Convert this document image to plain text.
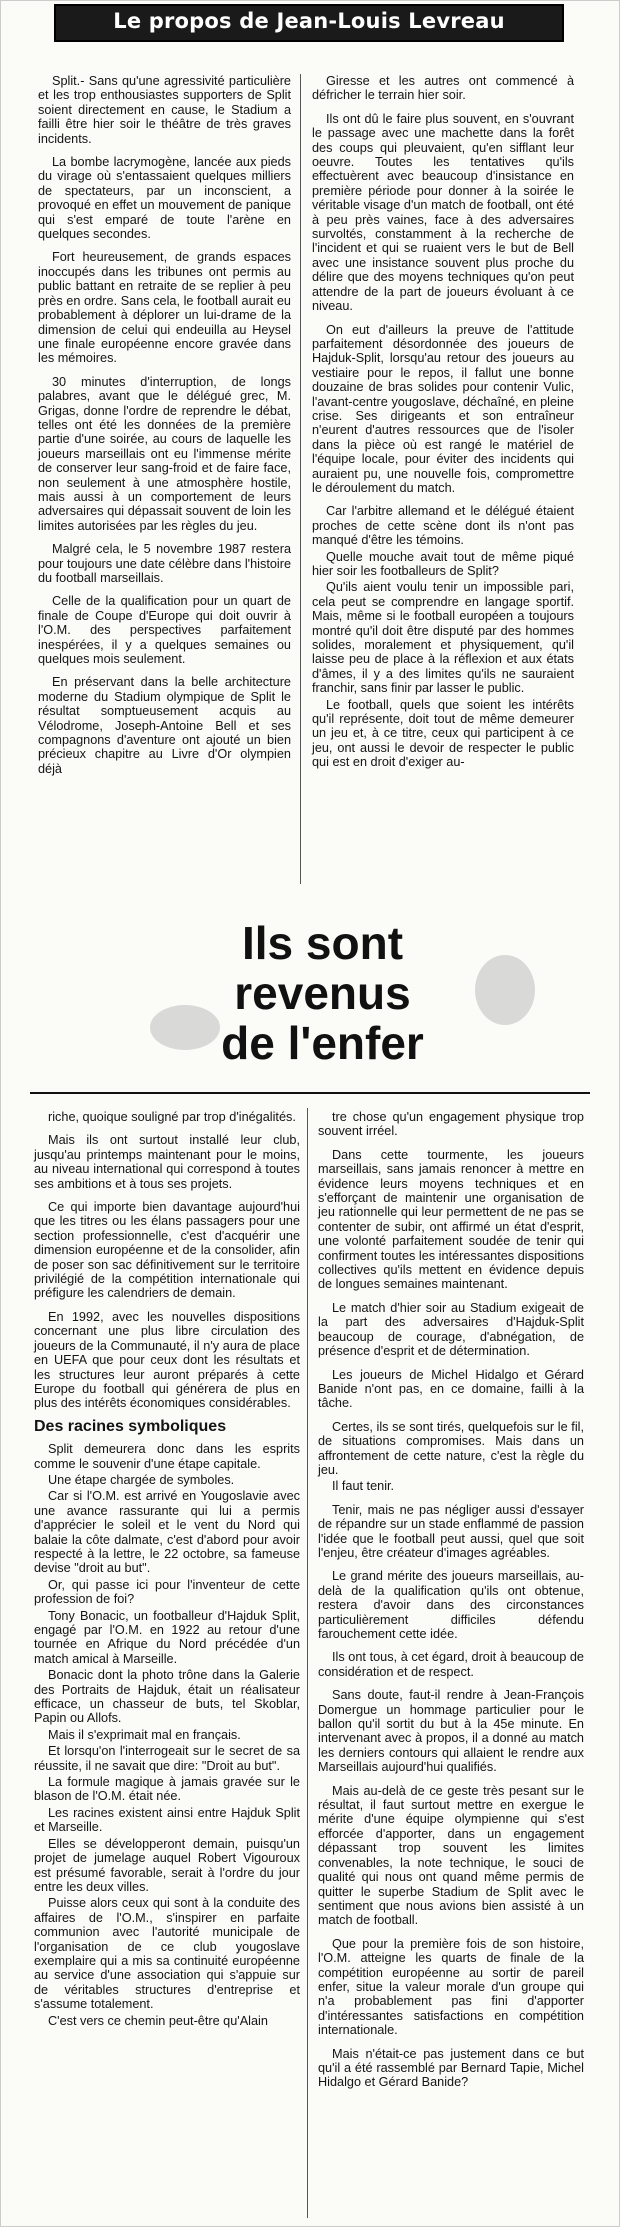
Le propos de Jean-Louis Levreau

Split.- Sans qu'une agressivité particulière et les trop enthousiastes supporters de Split soient directement en cause, le Stadium a failli être hier soir le théâtre de très graves incidents.

La bombe lacrymogène, lancée aux pieds du virage où s'entassaient quelques milliers de spectateurs, par un inconscient, a provoqué en effet un mouvement de panique qui s'est emparé de toute l'arène en quelques secondes.

Fort heureusement, de grands espaces inoccupés dans les tribunes ont permis au public battant en retraite de se replier à peu près en ordre. Sans cela, le football aurait eu probablement à déplorer un lui-drame de la dimension de celui qui endeuilla au Heysel une finale européenne encore gravée dans les mémoires.

30 minutes d'interruption, de longs palabres, avant que le délégué grec, M. Grigas, donne l'ordre de reprendre le débat, telles ont été les données de la première partie d'une soirée, au cours de laquelle les joueurs marseillais ont eu l'immense mérite de conserver leur sang-froid et de faire face, non seulement à une atmosphère hostile, mais aussi à un comportement de leurs adversaires qui dépassait souvent de loin les limites autorisées par les règles du jeu.

Malgré cela, le 5 novembre 1987 restera pour toujours une date célèbre dans l'histoire du football marseillais.

Celle de la qualification pour un quart de finale de Coupe d'Europe qui doit ouvrir à l'O.M. des perspectives parfaitement inespérées, il y a quelques semaines ou quelques mois seulement.

En préservant dans la belle architecture moderne du Stadium olympique de Split le résultat somptueusement acquis au Vélodrome, Joseph-Antoine Bell et ses compagnons d'aventure ont ajouté un bien précieux chapitre au Livre d'Or olympien déjà

Giresse et les autres ont commencé à défricher le terrain hier soir.

Ils ont dû le faire plus souvent, en s'ouvrant le passage avec une machette dans la forêt des coups qui pleuvaient, qu'en sifflant leur oeuvre. Toutes les tentatives qu'ils effectuèrent avec beaucoup d'insistance en première période pour donner à la soirée le véritable visage d'un match de football, ont été à peu près vaines, face à des adversaires survoltés, constamment à la recherche de l'incident et qui se ruaient vers le but de Bell avec une insistance souvent plus proche du délire que des moyens techniques qu'on peut attendre de la part de joueurs évoluant à ce niveau.

On eut d'ailleurs la preuve de l'attitude parfaitement désordonnée des joueurs de Hajduk-Split, lorsqu'au retour des joueurs au vestiaire pour le repos, il fallut une bonne douzaine de bras solides pour contenir Vulic, l'avant-centre yougoslave, déchaîné, en pleine crise. Ses dirigeants et son entraîneur n'eurent d'autres ressources que de l'isoler dans la pièce où est rangé le matériel de l'équipe locale, pour éviter des incidents qui auraient pu, une nouvelle fois, compromettre le déroulement du match.

Car l'arbitre allemand et le délégué étaient proches de cette scène dont ils n'ont pas manqué d'être les témoins.

Quelle mouche avait tout de même piqué hier soir les footballeurs de Split?

Qu'ils aient voulu tenir un impossible pari, cela peut se comprendre en langage sportif. Mais, même si le football européen a toujours montré qu'il doit être disputé par des hommes solides, moralement et physiquement, qu'il laisse peu de place à la réflexion et aux états d'âmes, il y a des limites qu'ils ne sauraient franchir, sans finir par lasser le public.

Le football, quels que soient les intérêts qu'il représente, doit tout de même demeurer un jeu et, à ce titre, ceux qui participent à ce jeu, ont aussi le devoir de respecter le public qui est en droit d'exiger au-

Ils sont
revenus
de l'enfer

riche, quoique souligné par trop d'inégalités.

Mais ils ont surtout installé leur club, jusqu'au printemps maintenant pour le moins, au niveau international qui correspond à toutes ses ambitions et à tous ses projets.

Ce qui importe bien davantage aujourd'hui que les titres ou les élans passagers pour une section professionnelle, c'est d'acquérir une dimension européenne et de la consolider, afin de poser son sac définitivement sur le territoire privilégié de la compétition internationale qui préfigure les calendriers de demain.

En 1992, avec les nouvelles dispositions concernant une plus libre circulation des joueurs de la Communauté, il n'y aura de place en UEFA que pour ceux dont les résultats et les structures leur auront préparés à cette Europe du football qui générera de plus en plus des intérêts économiques considérables.

Des racines symboliques

Split demeurera donc dans les esprits comme le souvenir d'une étape capitale.

Une étape chargée de symboles.

Car si l'O.M. est arrivé en Yougoslavie avec une avance rassurante qui lui a permis d'apprécier le soleil et le vent du Nord qui balaie la côte dalmate, c'est d'abord pour avoir respecté à la lettre, le 22 octobre, sa fameuse devise "droit au but".

Or, qui passe ici pour l'inventeur de cette profession de foi?

Tony Bonacic, un footballeur d'Hajduk Split, engagé par l'O.M. en 1922 au retour d'une tournée en Afrique du Nord précédée d'un match amical à Marseille.

Bonacic dont la photo trône dans la Galerie des Portraits de Hajduk, était un réalisateur efficace, un chasseur de buts, tel Skoblar, Papin ou Allofs.

Mais il s'exprimait mal en français.

Et lorsqu'on l'interrogeait sur le secret de sa réussite, il ne savait que dire: "Droit au but".

La formule magique à jamais gravée sur le blason de l'O.M. était née.

Les racines existent ainsi entre Hajduk Split et Marseille.

Elles se développeront demain, puisqu'un projet de jumelage auquel Robert Vigouroux est présumé favorable, serait à l'ordre du jour entre les deux villes.

Puisse alors ceux qui sont à la conduite des affaires de l'O.M., s'inspirer en parfaite communion avec l'autorité municipale de l'organisation de ce club yougoslave exemplaire qui a mis sa continuité européenne au service d'une association qui s'appuie sur de véritables structures d'entreprise et s'assume totalement.

C'est vers ce chemin peut-être qu'Alain

tre chose qu'un engagement physique trop souvent irréel.

Dans cette tourmente, les joueurs marseillais, sans jamais renoncer à mettre en évidence leurs moyens techniques et en s'efforçant de maintenir une organisation de jeu rationnelle qui leur permettent de ne pas se contenter de subir, ont affirmé un état d'esprit, une volonté parfaitement soudée de tenir qui confirment toutes les intéressantes dispositions collectives qu'ils mettent en évidence depuis de longues semaines maintenant.

Le match d'hier soir au Stadium exigeait de la part des adversaires d'Hajduk-Split beaucoup de courage, d'abnégation, de présence d'esprit et de détermination.

Les joueurs de Michel Hidalgo et Gérard Banide n'ont pas, en ce domaine, failli à la tâche.

Certes, ils se sont tirés, quelquefois sur le fil, de situations compromises. Mais dans un affrontement de cette nature, c'est la règle du jeu.

Il faut tenir.

Tenir, mais ne pas négliger aussi d'essayer de répandre sur un stade enflammé de passion l'idée que le football peut aussi, quel que soit l'enjeu, être créateur d'images agréables.

Le grand mérite des joueurs marseillais, au-delà de la qualification qu'ils ont obtenue, restera d'avoir dans des circonstances particulièrement difficiles défendu farouchement cette idée.

Ils ont tous, à cet égard, droit à beaucoup de considération et de respect.

Sans doute, faut-il rendre à Jean-François Domergue un hommage particulier pour le ballon qu'il sortit du but à la 45e minute. En intervenant avec à propos, il a donné au match les derniers contours qui allaient le rendre aux Marseillais aujourd'hui qualifiés.

Mais au-delà de ce geste très pesant sur le résultat, il faut surtout mettre en exergue le mérite d'une équipe olympienne qui s'est efforcée d'apporter, dans un engagement dépassant trop souvent les limites convenables, la note technique, le souci de qualité qui nous ont quand même permis de quitter le superbe Stadium de Split avec le sentiment que nous avions bien assisté à un match de football.

Que pour la première fois de son histoire, l'O.M. atteigne les quarts de finale de la compétition européenne au sortir de pareil enfer, situe la valeur morale d'un groupe qui n'a probablement pas fini d'apporter d'intéressantes satisfactions en compétition internationale.

Mais n'était-ce pas justement dans ce but qu'il a été rassemblé par Bernard Tapie, Michel Hidalgo et Gérard Banide?
